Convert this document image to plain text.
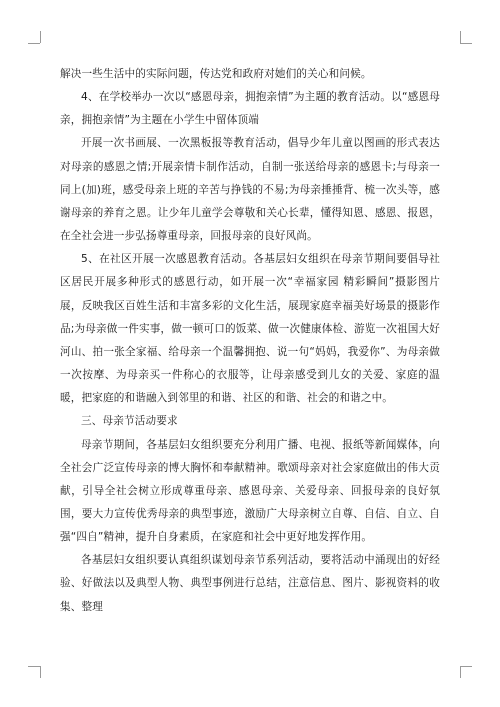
解决一些生活中的实际问题，传达党和政府对她们的关心和问候。

4、在学校举办一次以“感恩母亲，拥抱亲情”为主题的教育活动。以“感恩母亲，拥抱亲情”为主题在小学生中留体顶端

开展一次书画展、一次黑板报等教育活动，倡导少年儿童以图画的形式表达对母亲的感恩之情;开展亲情卡制作活动，自制一张送给母亲的感恩卡;与母亲一同上(加)班，感受母亲上班的辛苦与挣钱的不易;为母亲捶捶背、梳一次头等，感谢母亲的养育之恩。让少年儿童学会尊敬和关心长辈，懂得知恩、感恩、报恩，在全社会进一步弘扬尊重母亲，回报母亲的良好风尚。

5、在社区开展一次感恩教育活动。各基层妇女组织在母亲节期间要倡导社区居民开展多种形式的感恩行动，如开展一次“幸福家园 精彩瞬间”摄影图片展，反映我区百姓生活和丰富多彩的文化生活，展现家庭幸福美好场景的摄影作品;为母亲做一件实事，做一顿可口的饭菜、做一次健康体检、游览一次祖国大好河山、拍一张全家福、给母亲一个温馨拥抱、说一句“妈妈，我爱你”、为母亲做一次按摩、为母亲买一件称心的衣服等，让母亲感受到儿女的关爱、家庭的温暖，把家庭的和谐融入到邻里的和谐、社区的和谐、社会的和谐之中。

三、母亲节活动要求

母亲节期间，各基层妇女组织要充分利用广播、电视、报纸等新闻媒体，向全社会广泛宣传母亲的博大胸怀和奉献精神。歌颂母亲对社会家庭做出的伟大贡献，引导全社会树立形成尊重母亲、感恩母亲、关爱母亲、回报母亲的良好氛围，要大力宣传优秀母亲的典型事迹，激励广大母亲树立自尊、自信、自立、自强“四自”精神，提升自身素质，在家庭和社会中更好地发挥作用。

各基层妇女组织要认真组织谋划母亲节系列活动，要将活动中涌现出的好经验、好做法以及典型人物、典型事例进行总结，注意信息、图片、影视资料的收集、整理
